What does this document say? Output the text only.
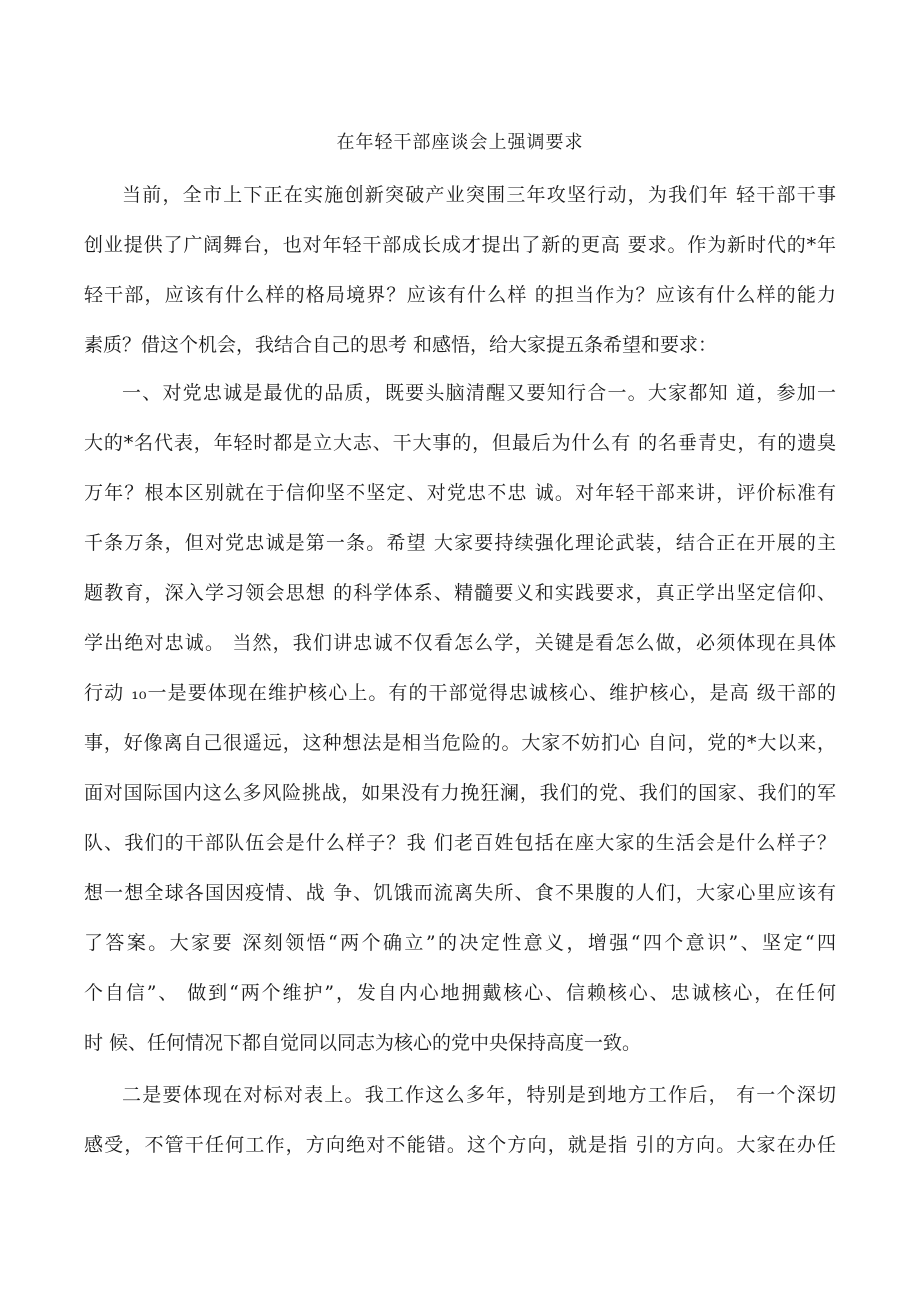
在年轻干部座谈会上强调要求
当前，全市上下正在实施创新突破产业突围三年攻坚行动，为我们年 轻干部干事
创业提供了广阔舞台，也对年轻干部成长成才提出了新的更高 要求。作为新时代的*年
轻干部，应该有什么样的格局境界？应该有什么样 的担当作为？应该有什么样的能力
素质？借这个机会，我结合自己的思考 和感悟，给大家提五条希望和要求：
一、对党忠诚是最优的品质，既要头脑清醒又要知行合一。大家都知 道，参加一
大的*名代表，年轻时都是立大志、干大事的，但最后为什么有 的名垂青史，有的遗臭
万年？根本区别就在于信仰坚不坚定、对党忠不忠 诚。对年轻干部来讲，评价标准有
千条万条，但对党忠诚是第一条。希望 大家要持续强化理论武装，结合正在开展的主
题教育，深入学习领会思想 的科学体系、精髓要义和实践要求，真正学出坚定信仰、
学出绝对忠诚。 当然，我们讲忠诚不仅看怎么学，关键是看怎么做，必须体现在具体
行动 ₁₀一是要体现在维护核心上。有的干部觉得忠诚核心、维护核心，是高 级干部的
事，好像离自己很遥远，这种想法是相当危险的。大家不妨扪心 自问，党的*大以来，
面对国际国内这么多风险挑战，如果没有力挽狂澜，我们的党、我们的国家、我们的军
队、我们的干部队伍会是什么样子？我 们老百姓包括在座大家的生活会是什么样子？
想一想全球各国因疫情、战 争、饥饿而流离失所、食不果腹的人们，大家心里应该有
了答案。大家要 深刻领悟“两个确立”的决定性意义，增强“四个意识”、坚定“四
个自信”、 做到“两个维护”，发自内心地拥戴核心、信赖核心、忠诚核心，在任何
时 候、任何情况下都自觉同以同志为核心的党中央保持高度一致。
二是要体现在对标对表上。我工作这么多年，特别是到地方工作后， 有一个深切
感受，不管干任何工作，方向绝对不能错。这个方向，就是指 引的方向。大家在办任
